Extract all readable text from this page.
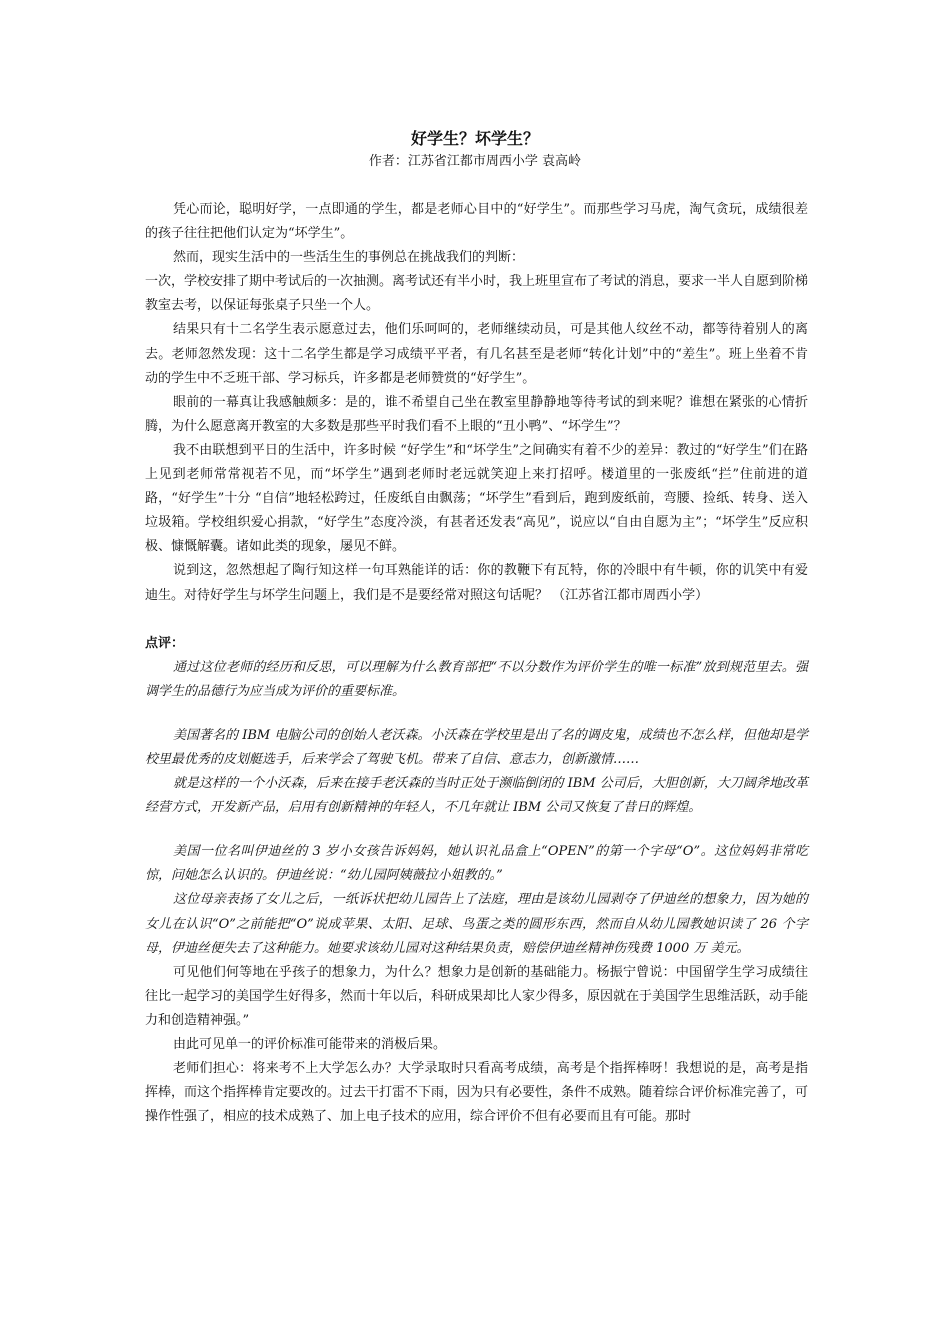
好学生？坏学生？

作者：江苏省江都市周西小学 袁高岭

凭心而论，聪明好学，一点即通的学生，都是老师心目中的“好学生”。而那些学习马虎，淘气贪玩，成绩很差的孩子往往把他们认定为“坏学生”。

然而，现实生活中的一些活生生的事例总在挑战我们的判断：

一次，学校安排了期中考试后的一次抽测。离考试还有半小时，我上班里宣布了考试的消息，要求一半人自愿到阶梯教室去考，以保证每张桌子只坐一个人。

结果只有十二名学生表示愿意过去，他们乐呵呵的，老师继续动员，可是其他人纹丝不动，都等待着别人的离去。老师忽然发现：这十二名学生都是学习成绩平平者，有几名甚至是老师“转化计划”中的“差生”。班上坐着不肯动的学生中不乏班干部、学习标兵，许多都是老师赞赏的“好学生”。

眼前的一幕真让我感触颇多：是的，谁不希望自己坐在教室里静静地等待考试的到来呢？谁想在紧张的心情折腾，为什么愿意离开教室的大多数是那些平时我们看不上眼的“丑小鸭”、“坏学生”？

我不由联想到平日的生活中，许多时候 “好学生”和“坏学生”之间确实有着不少的差异：教过的“好学生”们在路上见到老师常常视若不见，而“坏学生”遇到老师时老远就笑迎上来打招呼。楼道里的一张废纸“拦”住前进的道路，“好学生”十分 “自信”地轻松跨过，任废纸自由飘荡；“坏学生”看到后，跑到废纸前，弯腰、捡纸、转身、送入垃圾箱。学校组织爱心捐款，“好学生”态度冷淡，有甚者还发表“高见”，说应以“自由自愿为主”；“坏学生”反应积极、慷慨解囊。诸如此类的现象，屡见不鲜。

说到这，忽然想起了陶行知这样一句耳熟能详的话：你的教鞭下有瓦特，你的冷眼中有牛顿，你的讥笑中有爱迪生。对待好学生与坏学生问题上，我们是不是要经常对照这句话呢？ （江苏省江都市周西小学）

点评：

通过这位老师的经历和反思，可以理解为什么教育部把“不以分数作为评价学生的唯一标准”放到规范里去。强调学生的品德行为应当成为评价的重要标准。

美国著名的 IBM 电脑公司的创始人老沃森。小沃森在学校里是出了名的调皮鬼，成绩也不怎么样，但他却是学校里最优秀的皮划艇选手，后来学会了驾驶飞机。带来了自信、意志力，创新激情……

就是这样的一个小沃森，后来在接手老沃森的当时正处于濒临倒闭的 IBM 公司后，大胆创新，大刀阔斧地改革经营方式，开发新产品，启用有创新精神的年轻人，不几年就让 IBM 公司又恢复了昔日的辉煌。

美国一位名叫伊迪丝的 3 岁小女孩告诉妈妈，她认识礼品盒上“OPEN”的第一个字母“O”。这位妈妈非常吃惊，问她怎么认识的。伊迪丝说：“幼儿园阿姨薇拉小姐教的。”

这位母亲表扬了女儿之后，一纸诉状把幼儿园告上了法庭，理由是该幼儿园剥夺了伊迪丝的想象力，因为她的女儿在认识“O”之前能把“O”说成苹果、太阳、足球、鸟蛋之类的圆形东西，然而自从幼儿园教她识读了 26 个字母，伊迪丝便失去了这种能力。她要求该幼儿园对这种结果负责，赔偿伊迪丝精神伤残费 1000 万 美元。

可见他们何等地在乎孩子的想象力，为什么？想象力是创新的基础能力。杨振宁曾说：中国留学生学习成绩往往比一起学习的美国学生好得多，然而十年以后，科研成果却比人家少得多，原因就在于美国学生思维活跃，动手能力和创造精神强。”

由此可见单一的评价标准可能带来的消极后果。

老师们担心：将来考不上大学怎么办？大学录取时只看高考成绩，高考是个指挥棒呀！我想说的是，高考是指挥棒，而这个指挥棒肯定要改的。过去干打雷不下雨，因为只有必要性，条件不成熟。随着综合评价标准完善了，可操作性强了，相应的技术成熟了、加上电子技术的应用，综合评价不但有必要而且有可能。那时
